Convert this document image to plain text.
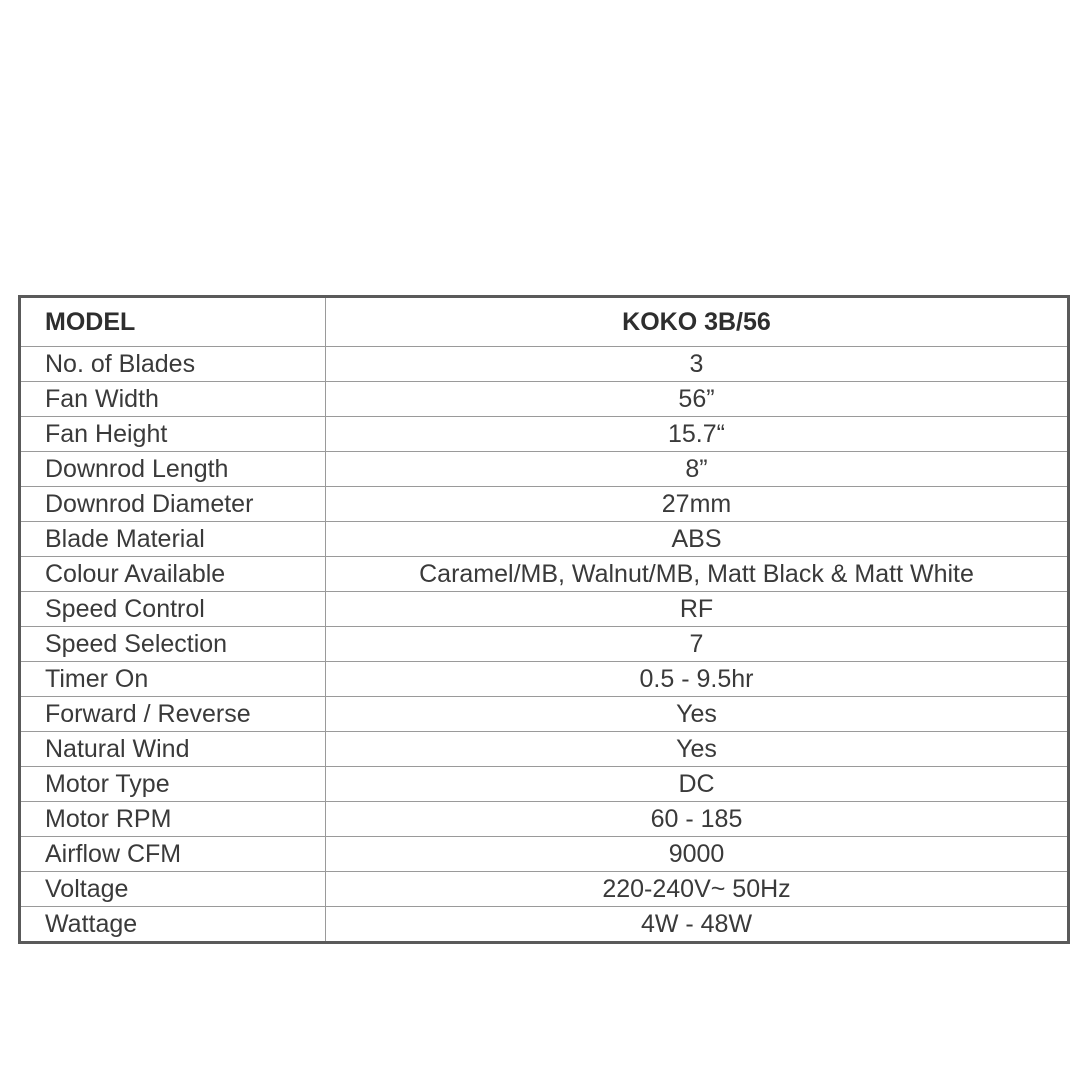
MODEL	KOKO 3B/56
No. of Blades	3
Fan Width	56”
Fan Height	15.7“
Downrod Length	8”
Downrod Diameter	27mm
Blade Material	ABS
Colour Available	Caramel/MB, Walnut/MB, Matt Black & Matt White
Speed Control	RF
Speed Selection	7
Timer On	0.5 - 9.5hr
Forward / Reverse	Yes
Natural Wind	Yes
Motor Type	DC
Motor RPM	60 - 185
Airflow CFM	9000
Voltage	220-240V~ 50Hz
Wattage	4W - 48W
